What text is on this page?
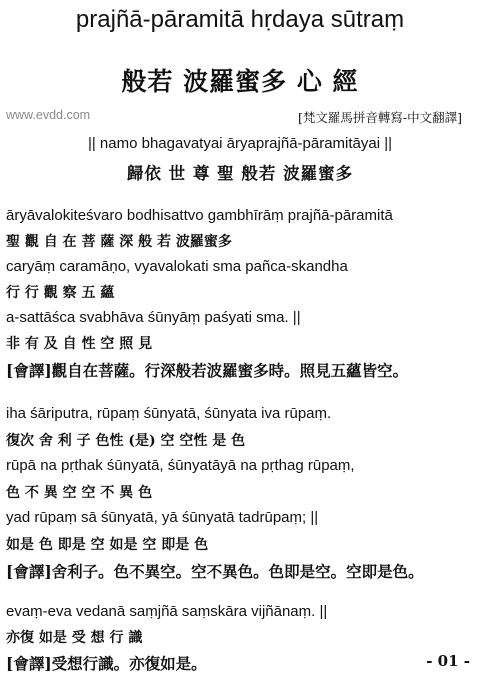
prajñā-pāramitā hṛdaya sūtraṃ
般若 波羅蜜多 心 經
www.evdd.com	[梵文羅馬拼音轉寫-中文翻譯]
|| namo bhagavatyai āryaprajñā-pāramitāyai ||
歸依 世 尊 聖 般若 波羅蜜多
āryāvalokiteśvaro bodhisattvo gambhīrāṃ prajñā-pāramitā
聖 觀 自 在 菩 薩 深 般 若 波羅蜜多
caryāṃ caramāṇo, vyavalokati sma pañca-skandha
行 行 觀 察 五 蘊
a-sattāśca svabhāva śūnyāṃ paśyati sma. ||
非 有 及 自 性 空 照 見
[會譯]觀自在菩薩。行深般若波羅蜜多時。照見五蘊皆空。
iha śāriputra, rūpaṃ śūnyatā, śūnyata iva rūpaṃ.
復次 舍 利 子 色性 (是) 空 空性 是 色
rūpā na pṛthak śūnyatā, śūnyatāyā na pṛthag rūpaṃ,
色 不 異 空 空 不 異 色
yad rūpaṃ sā śūnyatā, yā śūnyatā tadrūpaṃ; ||
如是 色 即是 空 如是 空 即是 色
[會譯]舍利子。色不異空。空不異色。色即是空。空即是色。
evaṃ-eva vedanā saṃjñā saṃskāra vijñānaṃ. ||
亦復 如是 受 想 行 識
[會譯]受想行識。亦復如是。	- 01 -
